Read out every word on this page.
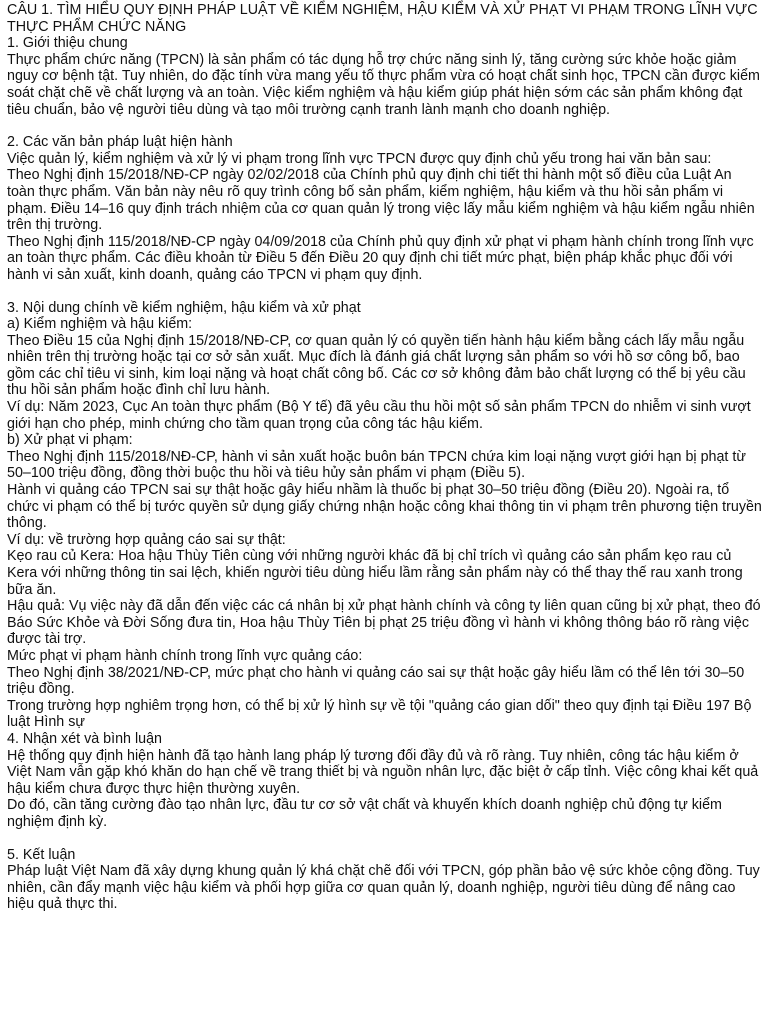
CÂU 1. TÌM HIỂU QUY ĐỊNH PHÁP LUẬT VỀ KIỂM NGHIỆM, HẬU KIỂM VÀ XỬ PHẠT VI PHẠM TRONG LĨNH VỰC THỰC PHẨM CHỨC NĂNG
1. Giới thiệu chung
Thực phẩm chức năng (TPCN) là sản phẩm có tác dụng hỗ trợ chức năng sinh lý, tăng cường sức khỏe hoặc giảm nguy cơ bệnh tật. Tuy nhiên, do đặc tính vừa mang yếu tố thực phẩm vừa có hoạt chất sinh học, TPCN cần được kiểm soát chặt chẽ về chất lượng và an toàn. Việc kiểm nghiệm và hậu kiểm giúp phát hiện sớm các sản phẩm không đạt tiêu chuẩn, bảo vệ người tiêu dùng và tạo môi trường cạnh tranh lành mạnh cho doanh nghiệp.
2. Các văn bản pháp luật hiện hành
Việc quản lý, kiểm nghiệm và xử lý vi phạm trong lĩnh vực TPCN được quy định chủ yếu trong hai văn bản sau:
Theo Nghị định 15/2018/NĐ-CP ngày 02/02/2018 của Chính phủ quy định chi tiết thi hành một số điều của Luật An toàn thực phẩm. Văn bản này nêu rõ quy trình công bố sản phẩm, kiểm nghiệm, hậu kiểm và thu hồi sản phẩm vi phạm. Điều 14–16 quy định trách nhiệm của cơ quan quản lý trong việc lấy mẫu kiểm nghiệm và hậu kiểm ngẫu nhiên trên thị trường.
Theo Nghị định 115/2018/NĐ-CP ngày 04/09/2018 của Chính phủ quy định xử phạt vi phạm hành chính trong lĩnh vực an toàn thực phẩm. Các điều khoản từ Điều 5 đến Điều 20 quy định chi tiết mức phạt, biện pháp khắc phục đối với hành vi sản xuất, kinh doanh, quảng cáo TPCN vi phạm quy định.
3. Nội dung chính về kiểm nghiệm, hậu kiểm và xử phạt
a) Kiểm nghiệm và hậu kiểm:
Theo Điều 15 của Nghị định 15/2018/NĐ-CP, cơ quan quản lý có quyền tiến hành hậu kiểm bằng cách lấy mẫu ngẫu nhiên trên thị trường hoặc tại cơ sở sản xuất. Mục đích là đánh giá chất lượng sản phẩm so với hồ sơ công bố, bao gồm các chỉ tiêu vi sinh, kim loại nặng và hoạt chất công bố. Các cơ sở không đảm bảo chất lượng có thể bị yêu cầu thu hồi sản phẩm hoặc đình chỉ lưu hành.
Ví dụ: Năm 2023, Cục An toàn thực phẩm (Bộ Y tế) đã yêu cầu thu hồi một số sản phẩm TPCN do nhiễm vi sinh vượt giới hạn cho phép, minh chứng cho tầm quan trọng của công tác hậu kiểm.
b) Xử phạt vi phạm:
Theo Nghị định 115/2018/NĐ-CP, hành vi sản xuất hoặc buôn bán TPCN chứa kim loại nặng vượt giới hạn bị phạt từ 50–100 triệu đồng, đồng thời buộc thu hồi và tiêu hủy sản phẩm vi phạm (Điều 5).
Hành vi quảng cáo TPCN sai sự thật hoặc gây hiểu nhầm là thuốc bị phạt 30–50 triệu đồng (Điều 20). Ngoài ra, tổ chức vi phạm có thể bị tước quyền sử dụng giấy chứng nhận hoặc công khai thông tin vi phạm trên phương tiện truyền thông.
Ví dụ: về trường hợp quảng cáo sai sự thật:
Kẹo rau củ Kera: Hoa hậu Thùy Tiên cùng với những người khác đã bị chỉ trích vì quảng cáo sản phẩm kẹo rau củ Kera với những thông tin sai lệch, khiến người tiêu dùng hiểu lầm rằng sản phẩm này có thể thay thế rau xanh trong bữa ăn.
Hậu quả: Vụ việc này đã dẫn đến việc các cá nhân bị xử phạt hành chính và công ty liên quan cũng bị xử phạt, theo đó Báo Sức Khỏe và Đời Sống đưa tin, Hoa hậu Thùy Tiên bị phạt 25 triệu đồng vì hành vi không thông báo rõ ràng việc được tài trợ.
Mức phạt vi phạm hành chính trong lĩnh vực quảng cáo:
Theo Nghị định 38/2021/NĐ-CP, mức phạt cho hành vi quảng cáo sai sự thật hoặc gây hiểu lầm có thể lên tới 30–50 triệu đồng.
Trong trường hợp nghiêm trọng hơn, có thể bị xử lý hình sự về tội "quảng cáo gian dối" theo quy định tại Điều 197 Bộ luật Hình sự
4. Nhận xét và bình luận
Hệ thống quy định hiện hành đã tạo hành lang pháp lý tương đối đầy đủ và rõ ràng. Tuy nhiên, công tác hậu kiểm ở Việt Nam vẫn gặp khó khăn do hạn chế về trang thiết bị và nguồn nhân lực, đặc biệt ở cấp tỉnh. Việc công khai kết quả hậu kiểm chưa được thực hiện thường xuyên.
Do đó, cần tăng cường đào tạo nhân lực, đầu tư cơ sở vật chất và khuyến khích doanh nghiệp chủ động tự kiểm nghiệm định kỳ.
5. Kết luận
Pháp luật Việt Nam đã xây dựng khung quản lý khá chặt chẽ đối với TPCN, góp phần bảo vệ sức khỏe cộng đồng. Tuy nhiên, cần đẩy mạnh việc hậu kiểm và phối hợp giữa cơ quan quản lý, doanh nghiệp, người tiêu dùng để nâng cao hiệu quả thực thi.
